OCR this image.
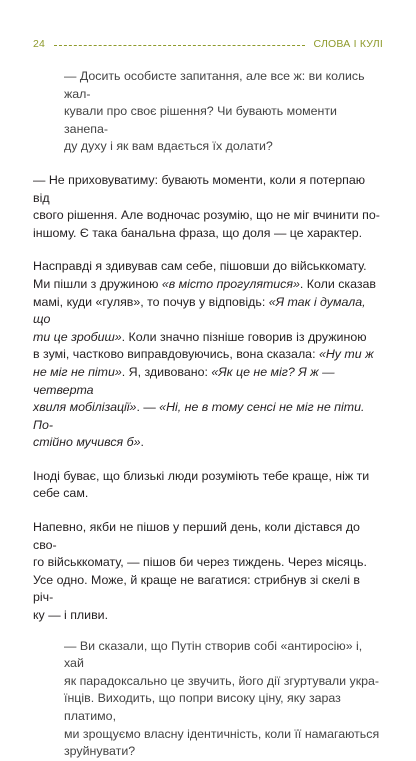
24	СЛОВА І КУЛІ

— Досить особисте запитання, але все ж: ви колись жал-

кували про своє рішення? Чи бувають моменти занепа-

ду духу і як вам вдається їх долати?

— Не приховуватиму: бувають моменти, коли я потерпаю від

свого рішення. Але водночас розумію, що не міг вчинити по-

іншому. Є така банальна фраза, що доля — це характер.

Насправді я здивував сам себе, пішовши до військкомату.

Ми пішли з дружиною «в місто прогулятися». Коли сказав

мамі, куди «гуляв», то почув у відповідь: «Я так і думала, що

ти це зробиш». Коли значно пізніше говорив із дружиною

в зумі, частково виправдовуючись, вона сказала: «Ну ти ж

не міг не піти». Я, здивовано: «Як це не міг? Я ж — четверта

хвиля мобілізації». — «Ні, не в тому сенсі не міг не піти. По-

стійно мучився б».

Іноді буває, що близькі люди розуміють тебе краще, ніж ти

себе сам.

Напевно, якби не пішов у перший день, коли дістався до сво-

го військкомату, — пішов би через тиждень. Через місяць.

Усе одно. Може, й краще не вагатися: стрибнув зі скелі в річ-

ку — і пливи.

— Ви сказали, що Путін створив собі «антиросію» і, хай

як парадоксально це звучить, його дії згуртували укра-

їнців. Виходить, що попри високу ціну, яку зараз платимо,

ми зрощуємо власну ідентичність, коли її намагаються

зруйнувати?
